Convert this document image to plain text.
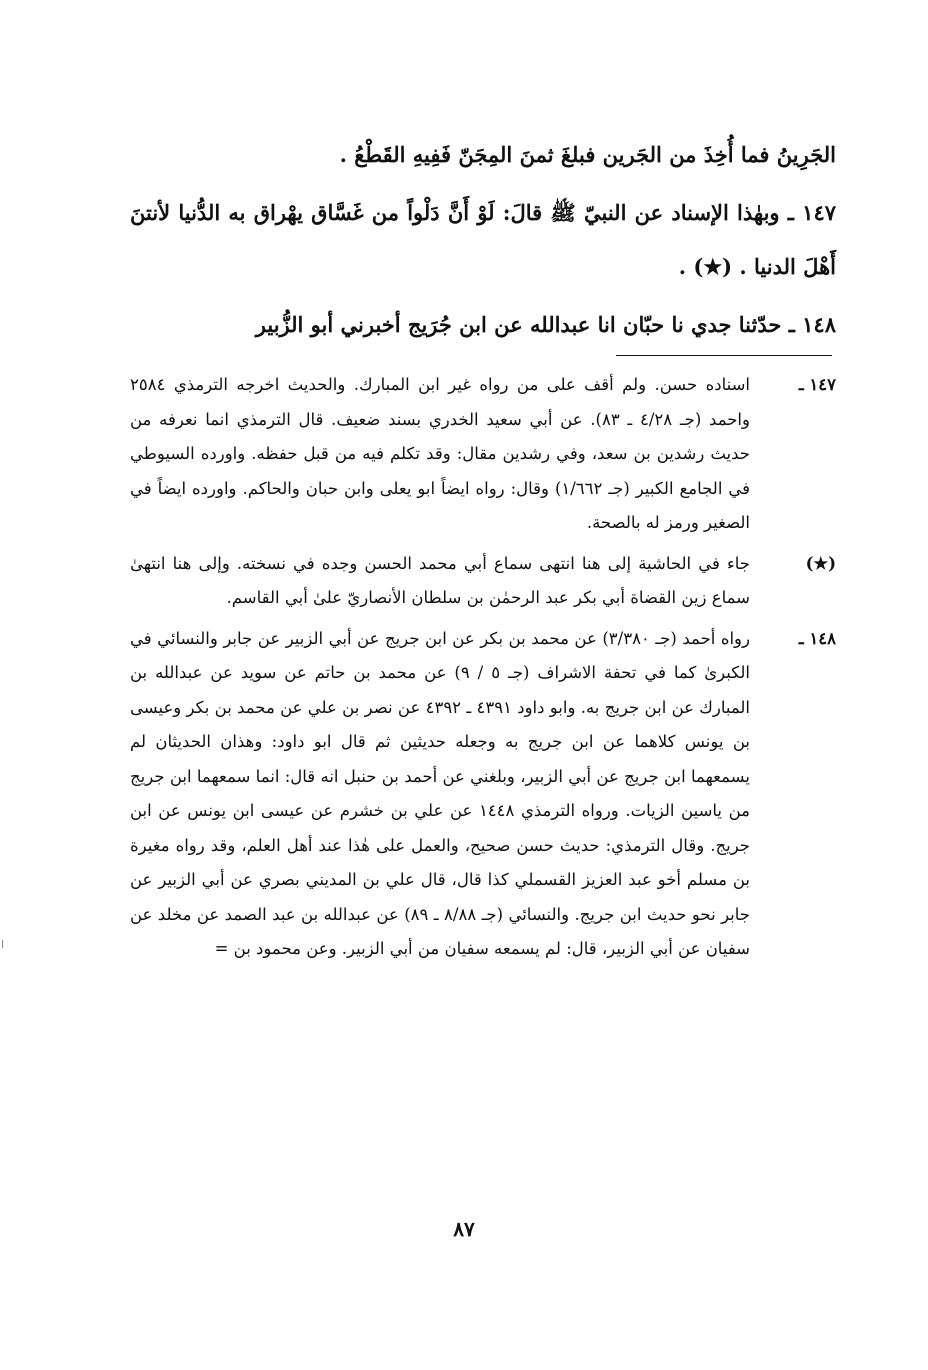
الجَرِينُ فما أُخِذَ من الجَرين فبلغَ ثمنَ المِجَنّ فَفِيهِ القَطْعُ .

١٤٧ ـ وبهٰذا الإسناد عن النبيّ ﷺ قالَ: لَوْ أَنَّ دَلْواً من غَسَّاق يهْراق به الدُّنيا لأنتنَ أَهْلَ الدنيا . (★) .

١٤٨ ـ حدّثنا جدي نا حبّان انا عبدالله عن ابن جُرَيج أخبرني أبو الزُّبير

١٤٧ ـ
اسناده حسن. ولم أقف على من رواه غير ابن المبارك. والحديث اخرجه الترمذي ٢٥٨٤ واحمد (جـ ٤/٢٨ ـ ٨٣). عن أبي سعيد الخدري بسند ضعيف. قال الترمذي انما نعرفه من حديث رشدين بن سعد، وفي رشدين مقال: وقد تكلم فيه من قبل حفظه. واورده السيوطي في الجامع الكبير (جـ ١/٦٦٢) وقال: رواه ايضاً ابو يعلى وابن حبان والحاكم. واورده ايضاً في الصغير ورمز له بالصحة.
(★)
جاء في الحاشية إلى هنا انتهى سماع أبي محمد الحسن وجده في نسخته. وإلى هنا انتهىٰ سماع زين القضاة أبي بكر عبد الرحمٰن بن سلطان الأنصاريّ علىٰ أبي القاسم.
١٤٨ ـ
رواه أحمد (جـ ٣/٣٨٠) عن محمد بن بكر عن ابن جريج عن أبي الزبير عن جابر والنسائي في الكبرىٰ كما في تحفة الاشراف (جـ ٥ / ٩) عن محمد بن حاتم عن سويد عن عبدالله بن المبارك عن ابن جريج به. وابو داود ٤٣٩١ ـ ٤٣٩٢ عن نصر بن علي عن محمد بن بكر وعيسى بن يونس كلاهما عن ابن جريج به وجعله حديثين ثم قال ابو داود: وهذان الحديثان لم يسمعهما ابن جريج عن أبي الزبير، وبلغني عن أحمد بن حنبل انه قال: انما سمعهما ابن جريج من ياسين الزيات. ورواه الترمذي ١٤٤٨ عن علي بن خشرم عن عيسى ابن يونس عن ابن جريج. وقال الترمذي: حديث حسن صحيح، والعمل على هٰذا عند أهل العلم، وقد رواه مغيرة بن مسلم أخو عبد العزيز القسملي كذا قال، قال علي بن المديني بصري عن أبي الزبير عن جابر نحو حديث ابن جريج. والنسائي (جـ ٨/٨٨ ـ ٨٩) عن عبدالله بن عبد الصمد عن مخلد عن سفيان عن أبي الزبير، قال: لم يسمعه سفيان من أبي الزبير. وعن محمود بن =
٨٧
